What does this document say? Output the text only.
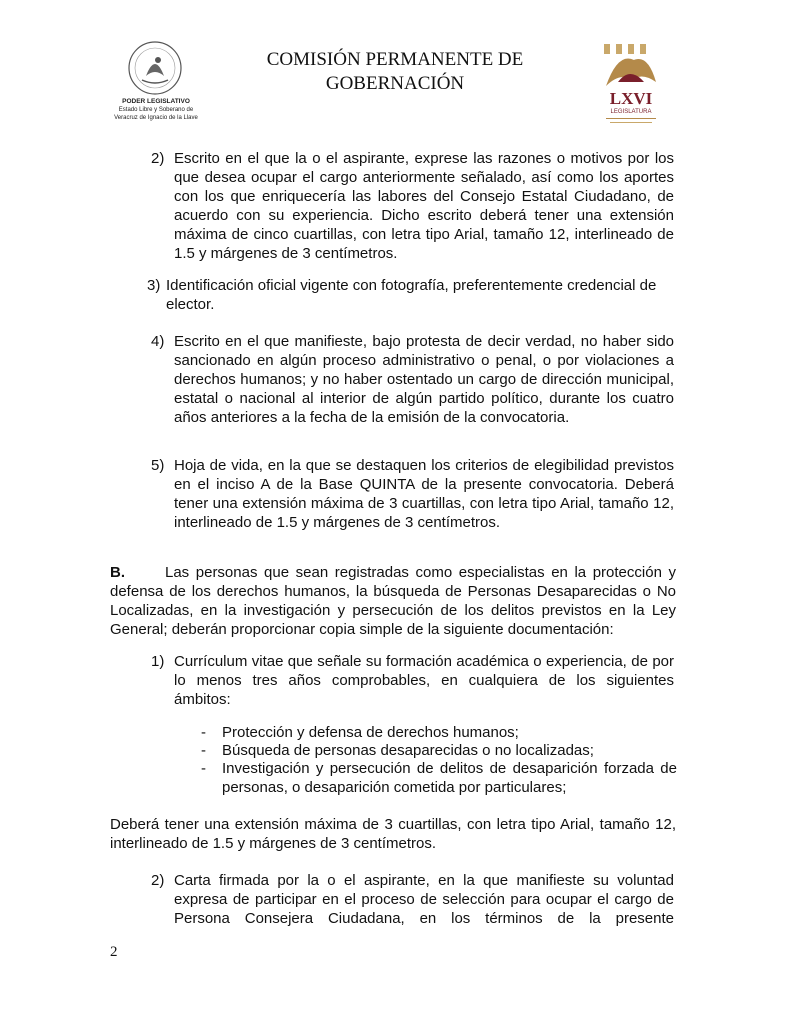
PODER LEGISLATIVO
Estado Libre y Soberano de
Veracruz de Ignacio de la Llave
COMISIÓN PERMANENTE DE
GOBERNACIÓN
LXVI
LEGISLATURA
2) Escrito en el que la o el aspirante, exprese las razones o motivos por los que desea ocupar el cargo anteriormente señalado, así como los aportes con los que enriquecería las labores del Consejo Estatal Ciudadano, de acuerdo con su experiencia. Dicho escrito deberá tener una extensión máxima de cinco cuartillas, con letra tipo Arial, tamaño 12, interlineado de 1.5 y márgenes de 3 centímetros.

3) Identificación oficial vigente con fotografía, preferentemente credencial de elector.

4) Escrito en el que manifieste, bajo protesta de decir verdad, no haber sido sancionado en algún proceso administrativo o penal, o por violaciones a derechos humanos; y no haber ostentado un cargo de dirección municipal, estatal o nacional al interior de algún partido político, durante los cuatro años anteriores a la fecha de la emisión de la convocatoria.

5) Hoja de vida, en la que se destaquen los criterios de elegibilidad previstos en el inciso A de la Base QUINTA de la presente convocatoria. Deberá tener una extensión máxima de 3 cuartillas, con letra tipo Arial, tamaño 12, interlineado de 1.5 y márgenes de 3 centímetros.

B.	Las personas que sean registradas como especialistas en la protección y defensa de los derechos humanos, la búsqueda de Personas Desaparecidas o No Localizadas, en la investigación y persecución de los delitos previstos en la Ley General; deberán proporcionar copia simple de la siguiente documentación:

1) Currículum vitae que señale su formación académica o experiencia, de por lo menos tres años comprobables, en cualquiera de los siguientes ámbitos:

- Protección y defensa de derechos humanos;

- Búsqueda de personas desaparecidas o no localizadas;

- Investigación y persecución de delitos de desaparición forzada de personas, o desaparición cometida por particulares;

Deberá tener una extensión máxima de 3 cuartillas, con letra tipo Arial, tamaño 12, interlineado de 1.5 y márgenes de 3 centímetros.

2) Carta firmada por la o el aspirante, en la que manifieste su voluntad expresa de participar en el proceso de selección para ocupar el cargo de Persona Consejera Ciudadana, en los términos de la presente

2
